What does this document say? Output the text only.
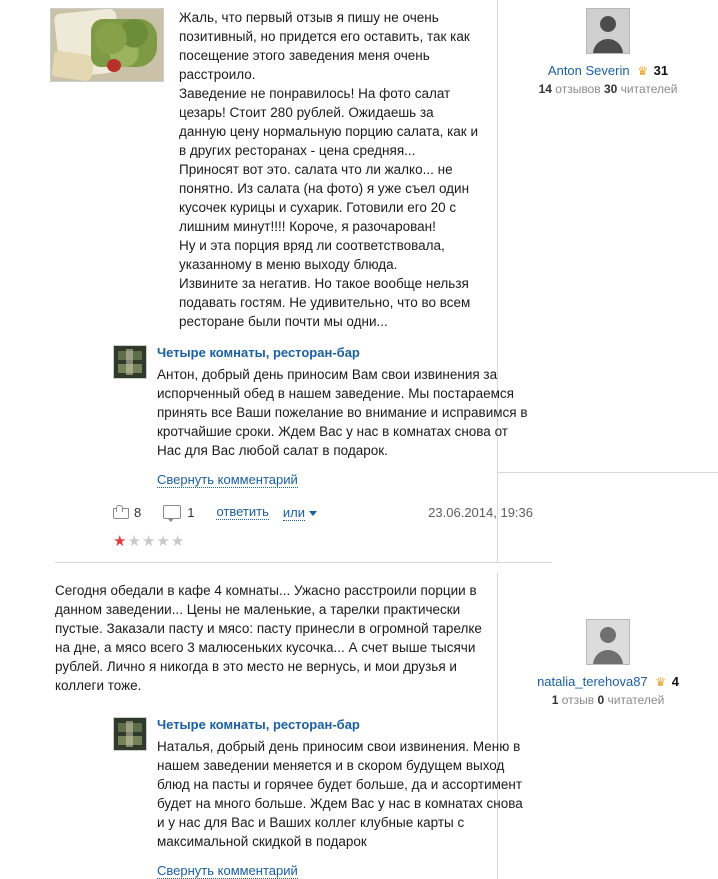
Жаль, что первый отзыв я пишу не очень позитивный, но придется его оставить, так как посещение этого заведения меня очень расстроило.

Заведение не понравилось! На фото салат цезарь! Стоит 280 рублей. Ожидаешь за данную цену нормальную порцию салата, как и в других ресторанах - цена средняя...

Приносят вот это. салата что ли жалко... не понятно. Из салата (на фото) я уже съел один кусочек курицы и сухарик. Готовили его 20 с лишним минут!!!! Короче, я разочарован!

Ну и эта порция вряд ли соответствовала, указанному в меню выходу блюда.

Извините за негатив. Но такое вообще нельзя подавать гостям. Не удивительно, что во всем ресторане были почти мы одни...

Четыре комнаты, ресторан-бар
Антон, добрый день приносим Вам свои извинения за испорченный обед в нашем заведение. Мы постараемся принять все Ваши пожелание во внимание и исправимся в кротчайшие сроки. Ждем Вас у нас в комнатах снова от Нас для Вас любой салат в подарок.
Свернуть комментарий
8	1 ответить или	23.06.2014, 19:36
★★★★★
Anton Severin ♛ 31
14 отзывов 30 читателей

Сегодня обедали в кафе 4 комнаты... Ужасно расстроили порции в данном заведении... Цены не маленькие, а тарелки практически пустые. Заказали пасту и мясо: пасту принесли в огромной тарелке на дне, а мясо всего 3 малюсеньких кусочка... А счет выше тысячи рублей. Лично я никогда в это место не вернусь, и мои друзья и коллеги тоже.

Четыре комнаты, ресторан-бар
Наталья, добрый день приносим свои извинения. Меню в нашем заведении меняется и в скором будущем выход блюд на пасты и горячее будет больше, да и ассортимент будет на много больше. Ждем Вас у нас в комнатах снова и у нас для Вас и Ваших коллег клубные карты с максимальной скидкой в подарок
Свернуть комментарий
natalia_terehova87 ♛ 4
1 отзыв 0 читателей
